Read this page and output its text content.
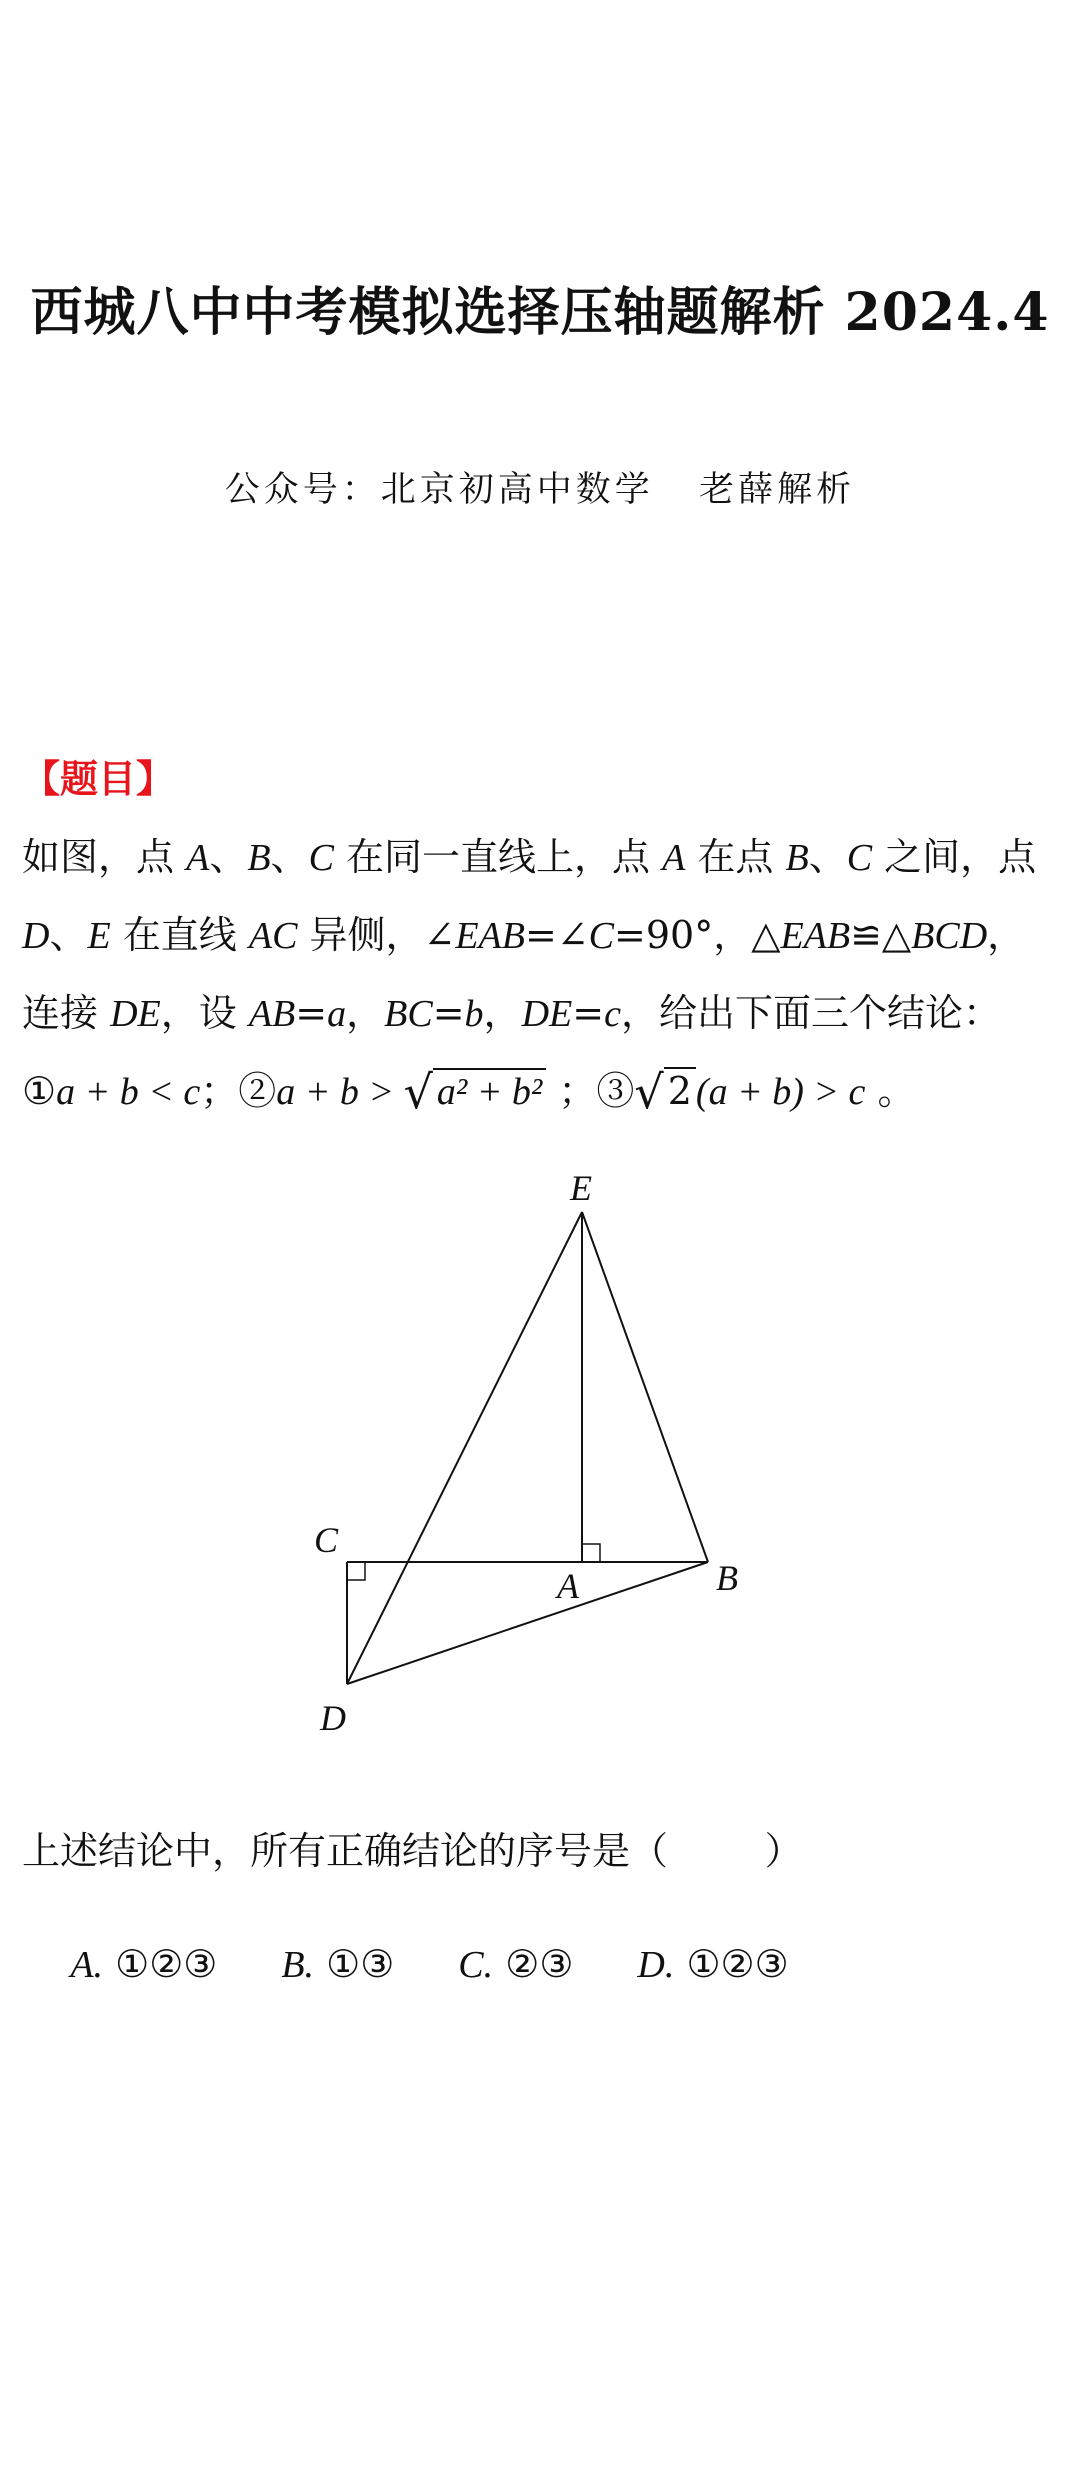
西城八中中考模拟选择压轴题解析 2024.4
公众号：北京初高中数学   老薛解析
【题目】
如图，点 A、B、C 在同一直线上，点 A 在点 B、C 之间，点
D、E 在直线 AC 异侧，∠EAB=∠C=90°，△EAB≌△BCD，
连接 DE，设 AB=a，BC=b，DE=c，给出下面三个结论：
①a + b < c；②a + b > √ a² + b² ；③√ 2 (a + b) > c 。
E
C
A	B
D
上述结论中，所有正确结论的序号是（        ）

A. ①②③ B. ①③ C. ②③ D. ①②③
